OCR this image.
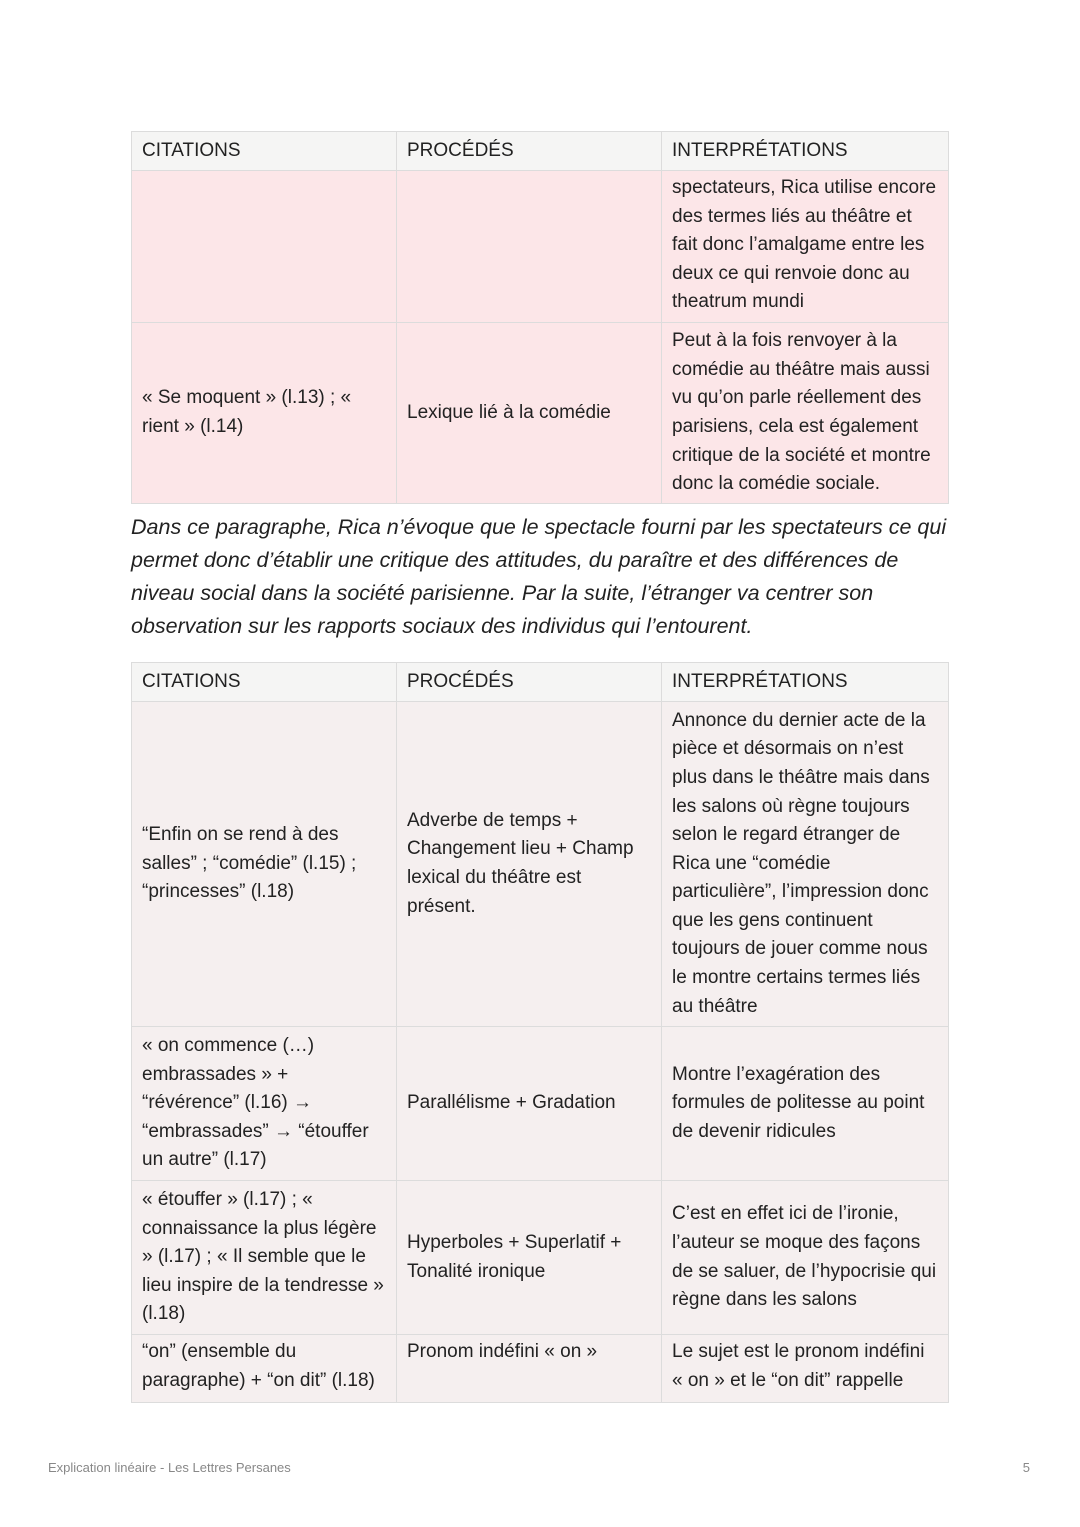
CITATIONS	PROCÉDÉS	INTERPRÉTATIONS
		spectateurs, Rica utilise encore des termes liés au théâtre et fait donc l’amalgame entre les deux ce qui renvoie donc au theatrum mundi
« Se moquent » (l.13) ; « rient » (l.14)	Lexique lié à la comédie	Peut à la fois renvoyer à la comédie au théâtre mais aussi vu qu’on parle réellement des parisiens, cela est également critique de la société et montre donc la comédie sociale.

Dans ce paragraphe, Rica n’évoque que le spectacle fourni par les spectateurs ce qui permet donc d’établir une critique des attitudes, du paraître et des différences de niveau social dans la société parisienne. Par la suite, l’étranger va centrer son observation sur les rapports sociaux des individus qui l’entourent.

CITATIONS	PROCÉDÉS	INTERPRÉTATIONS
“Enfin on se rend à des salles” ; “comédie” (l.15) ; “princesses” (l.18)	Adverbe de temps + Changement lieu + Champ lexical du théâtre est présent.	Annonce du dernier acte de la pièce et désormais on n’est plus dans le théâtre mais dans les salons où règne toujours selon le regard étranger de Rica une “comédie particulière”, l’impression donc que les gens continuent toujours de jouer comme nous le montre certains termes liés au théâtre
« on commence (…) embrassades » + “révérence” (l.16) → “embrassades” → “étouffer un autre” (l.17)	Parallélisme + Gradation	Montre l’exagération des formules de politesse au point de devenir ridicules
« étouffer » (l.17) ; « connaissance la plus légère » (l.17) ; « Il semble que le lieu inspire de la tendresse » (l.18)	Hyperboles + Superlatif + Tonalité ironique	C’est en effet ici de l’ironie, l’auteur se moque des façons de se saluer, de l’hypocrisie qui règne dans les salons
“on” (ensemble du paragraphe) + “on dit” (l.18)	Pronom indéfini « on »	Le sujet est le pronom indéfini « on » et le “on dit” rappelle
Explication linéaire - Les Lettres Persanes	5
